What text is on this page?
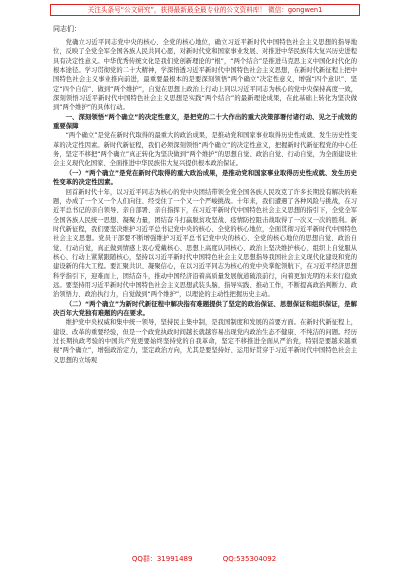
关注头条号“公文研究”，获得最新最全最专业的公文资料库！ 微信：gongwen1

同志们：

党确立习近平同志党中央的核心、全党的核心地位，确立习近平新时代中国特色社会主义思想的指导地位，反映了全党全军全国各族人民共同心愿，对新时代党和国家事业发展、对推进中华民族伟大复兴历史进程具有决定性意义。中华优秀传统文化是我们党创新理论的“根”，“两个结合”是推进马克思主义中国化时代化的根本途径。学习贯彻党的二十大精神，学深悟透习近平新时代中国特色社会主义思想，在新时代新征程上把中国特色社会主义事业推向前进，最重要最根本的是要深刻领悟“两个确立”决定性意义，增强“四个意识”、坚定“四个自信”、做到“两个维护”，自觉在思想上政治上行动上同以习近平同志为核心的党中央保持高度一致，深刻领悟习近平新时代中国特色社会主义思想是实践“两个结合”的最新理论成果，在此基础上转化为坚决做到“两个维护”的具体行动。

一、深刻领悟“两个确立”的决定性意义，是把党的二十大作出的重大决策部署付诸行动、见之于成效的重要保障

“两个确立”是党在新时代取得的最重大的政治成果，是推动党和国家事业取得历史性成就、发生历史性变革的决定性因素。新时代新征程，我们必须深刻领悟“两个确立”的决定性意义，把握新时代新征程党的中心任务，坚定不移把“两个确立”真正转化为坚决做到“两个维护”的思想自觉、政治自觉、行动自觉，为全面建设社会主义现代化国家、全面推进中华民族伟大复兴提供根本政治保证。

（一）“两个确立”是党在新时代取得的重大政治成果，是推动党和国家事业取得历史性成就、发生历史性变革的决定性因素。

回首新时代十年，以习近平同志为核心的党中央团结带领全党全国各族人民攻克了许多长期没有解决的难题，办成了一个又一个人们向往、经受住了一个又一个严峻挑战。十年来，我们遭遇了各种风险与挑战，在习近平总书记的亲自领导、亲自部署、亲自指挥下，在习近平新时代中国特色社会主义思想的指引下，全党全军全国各族人民统一思想、凝聚力量，团结奋斗打赢脱贫攻坚战、疫情防控阻击战取得了一次又一次的胜利。新时代新征程，我们要坚决维护习近平总书记党中央的核心、全党的核心地位，全面贯彻习近平新时代中国特色社会主义思想。党员干部要不断增强维护习近平总书记党中央的核心、全党的核心地位的思想自觉、政治自觉、行动自觉，真正做到情感上衷心爱戴核心、思想上高度认同核心、政治上坚决维护核心、组织上自觉服从核心、行动上紧紧跟随核心，坚持以习近平新时代中国特色社会主义思想指导我国社会主义现代化建设和党的建设新的伟大工程。要汇聚共识、凝聚信心，在以习近平同志为核心的党中央掌舵领航下，在习近平经济思想科学指引下，迎难而上，团结奋斗，推动中国经济沿着高质量发展航道破浪前行，向着更加光明的未来行稳致远。要坚持用习近平新时代中国特色社会主义思想武装头脑、指导实践、推动工作，不断提高政治判断力、政治领悟力、政治执行力，自觉做到“两个维护”，以理论的主动性把握历史主动。

（二）“两个确立”为新时代新征程中解决指有难题提供了坚定的政治保证、思想保证和组织保证，是解决百年大党独有难题的内在要求。

维护党中央权威和集中统一领导，坚持民主集中制，是我国制度和发展的首要方面。在新时代新征程上，建设、改革的重要经验，但是一个政党执政时间越长就越容易出现党内政治生态不健康、不纯洁的问题。经历过长期执政考验的中国共产党更要始终坚持党的自我革命，坚定不移推进全面从严治党，特别是要越来越重视“两个确立”，增强政治定力，坚定政治方向，尤其是要坚持好、运用好贯穿于习近平新时代中国特色社会主义思想的立场观

QQ群：31991489	QQ:535304092
